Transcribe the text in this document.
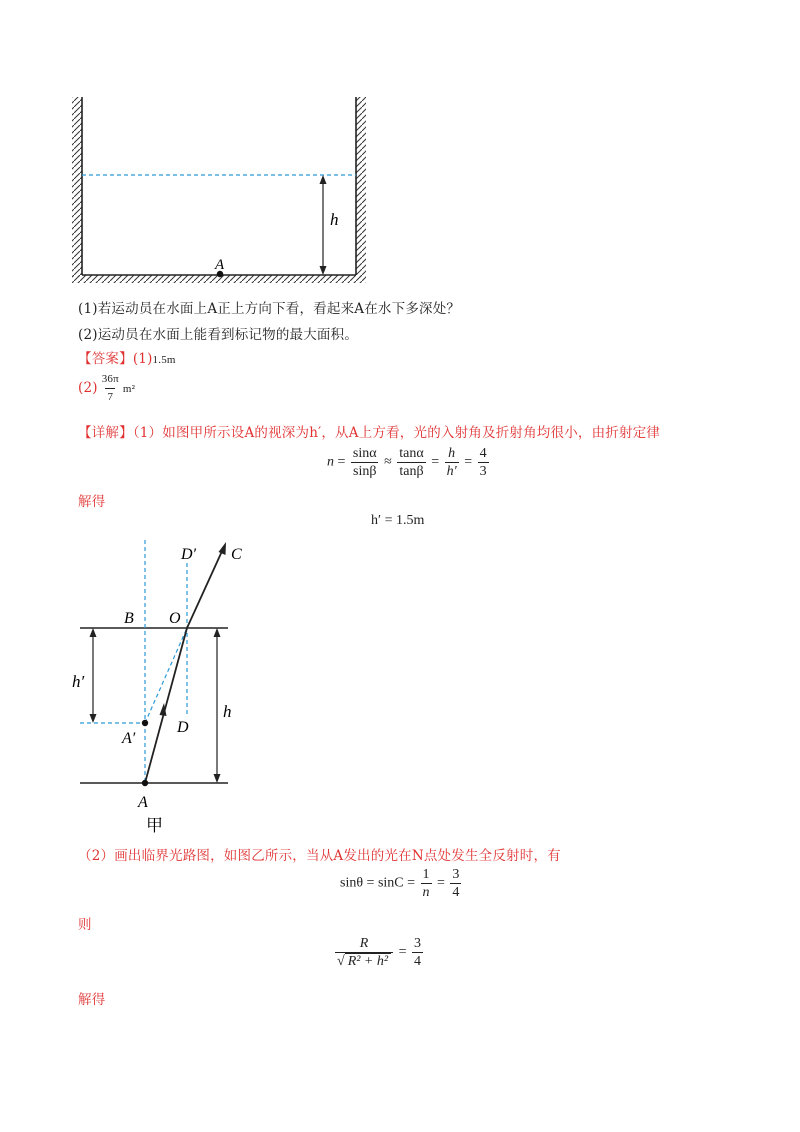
h
A
(1)若运动员在水面上A正上方向下看，看起来A在水下多深处？
(2)运动员在水面上能看到标记物的最大面积。
【答案】(1)1.5m
$(2) \frac{36\pi}{7} m^2$
【详解】（1）如图甲所示设A的视深为h′，从A上方看，光的入射角及折射角均很小，由折射定律
$n = \frac{\sin\alpha}{\sin\beta} \approx \frac{\tan\alpha}{\tan\beta} = \frac{h}{h'} = \frac{4}{3}$
解得
h′ = 1.5m
B O
D′ C
h′
A′
D
h
A
甲
（2）画出临界光路图，如图乙所示，当从A发出的光在N点处发生全反射时，有
$\sin\theta = \sin C = \frac{1}{n} = \frac{3}{4}$
则
$\frac{R}{\text{√ R² + h²}} = \frac{3}{4}$
解得
